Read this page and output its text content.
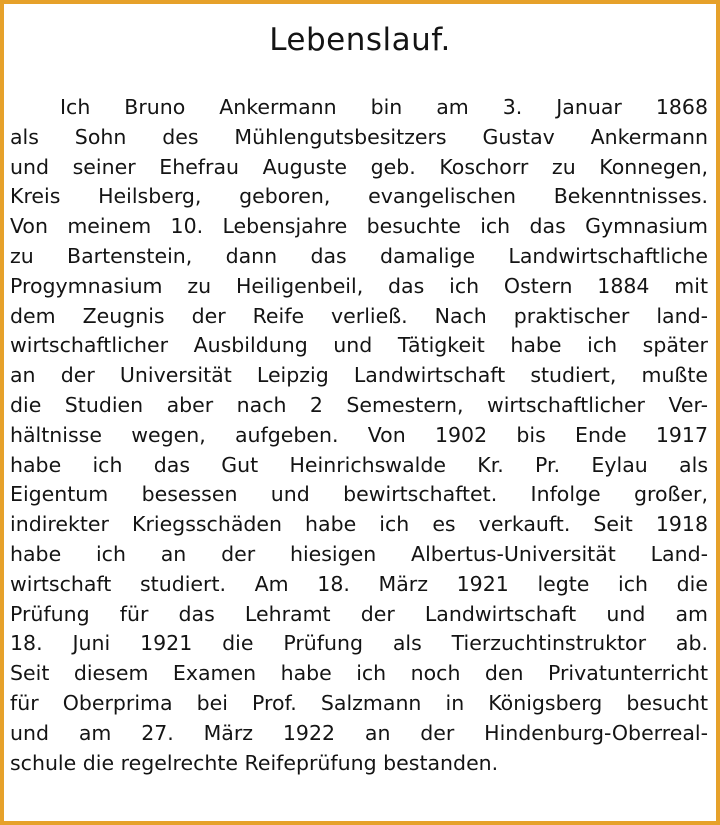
Lebenslauf.
Ich Bruno Ankermann bin am 3. Januar 1868
als Sohn des Mühlengutsbesitzers Gustav Ankermann
und seiner Ehefrau Auguste geb. Koschorr zu Konnegen,
Kreis Heilsberg, geboren, evangelischen Bekenntnisses.
Von meinem 10. Lebensjahre besuchte ich das Gymnasium
zu Bartenstein, dann das damalige Landwirtschaftliche
Progymnasium zu Heiligenbeil, das ich Ostern 1884 mit
dem Zeugnis der Reife verließ. Nach praktischer land-
wirtschaftlicher Ausbildung und Tätigkeit habe ich später
an der Universität Leipzig Landwirtschaft studiert, mußte
die Studien aber nach 2 Semestern, wirtschaftlicher Ver-
hältnisse wegen, aufgeben. Von 1902 bis Ende 1917
habe ich das Gut Heinrichswalde Kr. Pr. Eylau als
Eigentum besessen und bewirtschaftet. Infolge großer,
indirekter Kriegsschäden habe ich es verkauft. Seit 1918
habe ich an der hiesigen Albertus-Universität Land-
wirtschaft studiert. Am 18. März 1921 legte ich die
Prüfung für das Lehramt der Landwirtschaft und am
18. Juni 1921 die Prüfung als Tierzuchtinstruktor ab.
Seit diesem Examen habe ich noch den Privatunterricht
für Oberprima bei Prof. Salzmann in Königsberg besucht
und am 27. März 1922 an der Hindenburg-Oberreal-
schule die regelrechte Reifeprüfung bestanden.
